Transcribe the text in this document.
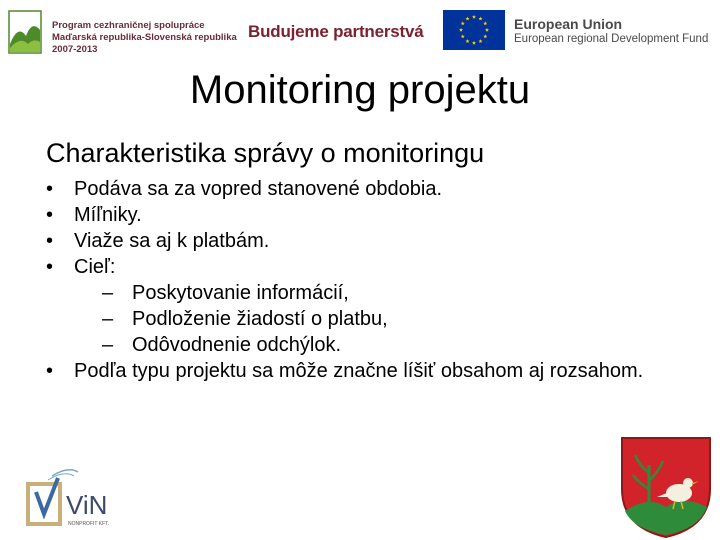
Program cezhraničnej spolupráce
Maďarská republika-Slovenská republika
2007-2013
Budujeme partnerstvá	European Union
European regional Development Fund
Monitoring projektu
Charakteristika správy o monitoringu
• Podáva sa za vopred stanovené obdobia.
• Míľniky.
• Viaže sa aj k platbám.
• Cieľ:
– Poskytovanie informácií,
– Podloženie žiadostí o platbu,
– Odôvodnenie odchýlok.
• Podľa typu projektu sa môže značne líšiť obsahom aj rozsahom.
ViN
NONPROFIT KFT.
